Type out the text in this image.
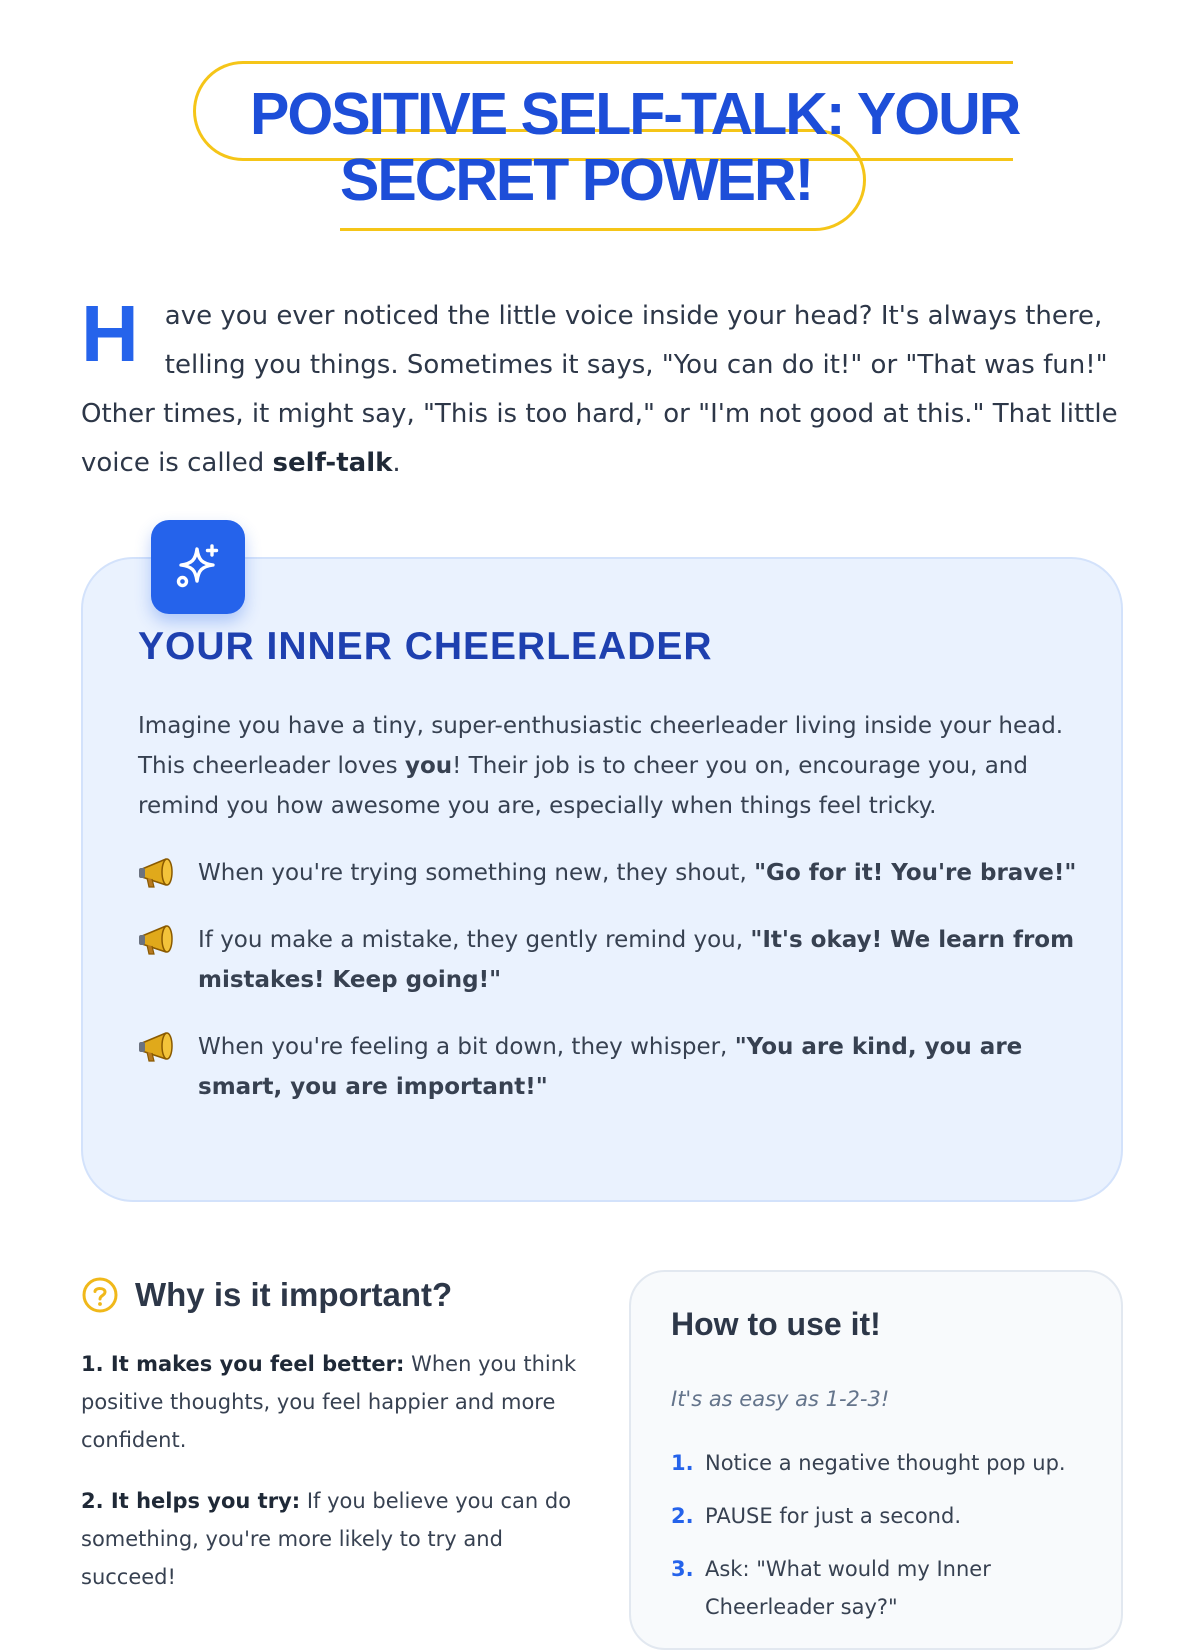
POSITIVE SELF-TALK: YOUR
SECRET POWER!

H ave you ever noticed the little voice inside your head? It's always there, telling you things. Sometimes it says, "You can do it!" or "That was fun!" Other times, it might say, "This is too hard," or "I'm not good at this." That little voice is called self-talk.

YOUR INNER CHEERLEADER

Imagine you have a tiny, super-enthusiastic cheerleader living inside your head. This cheerleader loves you! Their job is to cheer you on, encourage you, and remind you how awesome you are, especially when things feel tricky.

When you're trying something new, they shout, "Go for it! You're brave!"
If you make a mistake, they gently remind you, "It's okay! We learn from mistakes! Keep going!"
When you're feeling a bit down, they whisper, "You are kind, you are smart, you are important!"
Why is it important?

1. It makes you feel better: When you think positive thoughts, you feel happier and more confident.

2. It helps you try: If you believe you can do something, you're more likely to try and succeed!

How to use it!

It's as easy as 1-2-3!

1. Notice a negative thought pop up.
2. PAUSE for just a second.
3. Ask: "What would my Inner Cheerleader say?"
